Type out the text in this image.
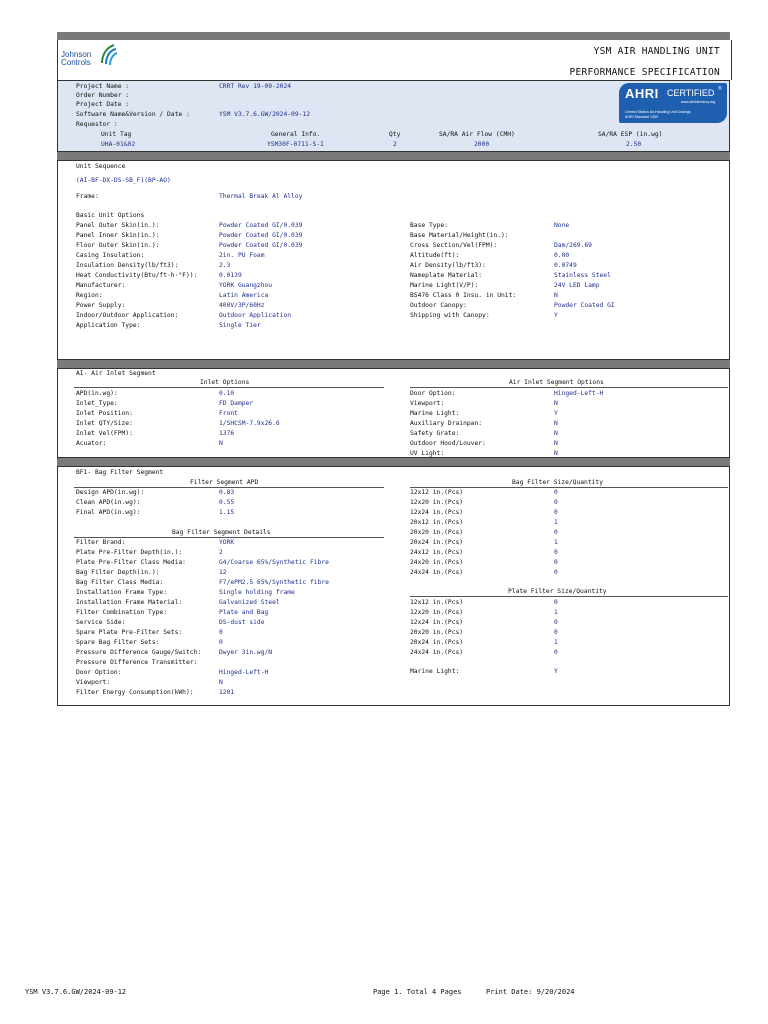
Johnson
Controls
YSM AIR HANDLING UNIT
PERFORMANCE SPECIFICATION
AHRI CERTIFIED ®
www.ahridirectory.org
Central Station Air-Handling Unit Casings
AHRI Standard 1350
Project Name :	CRRT Rev 19-09-2024
Order Number :
Project Date :
Software Name&Version / Date :	YSM V3.7.6.GW/2024-09-12
Requestor :
Unit Tag	General Info.	Qty	SA/RA Air Flow (CMH)	SA/RA ESP (in.wg)
UHA-01&02	YSM30F-0711-S-I	2	2000	2.50
Unit Sequence
(AI-BF-DX-DS-SB_F)(BP-AO)
Frame:	Thermal Break Al Alloy
Basic Unit Options
Panel Outer Skin(in.):	Powder Coated GI/0.039
Panel Inner Skin(in.):	Powder Coated GI/0.039
Floor Outer Skin(in.):	Powder Coated GI/0.039
Casing Insulation:	2in. PU Foam
Insulation Density(lb/ft3):	2.3
Heat Conductivity(Btu/ft·h·°F)):	0.0139
Manufacturer:	YORK Guangzhou
Region:	Latin America
Power Supply:	400V/3P/60Hz
Indoor/Outdoor Application:	Outdoor Application
Application Type:	Single Tier
Base Type:	None
Base Material/Height(in.):
Cross Section/Vel(FPM):	Dam/269.69
Altitude(ft):	0.00
Air Density(lb/ft3):	0.0749
Nameplate Material:	Stainless Steel
Marine Light(V/P):	24V LED Lamp
BS476 Class 0 Insu. in Unit:	N
Outdoor Canopy:	Powder Coated GI
Shipping with Canopy:	Y
AI- Air Inlet Segment
Inlet Options	Air Inlet Segment Options
APD(in.wg):	0.10
Inlet_Type:	FD Damper
Inlet Position:	Front
Inlet QTY/Size:	1/SHCSM-7.9x26.6
Inlet Vel(FPM):	1376
Acuator:	N
Door Option:	Hinged-Left-H
Viewport:	N
Marine Light:	Y
Auxiliary Drainpan:	N
Safety Grate:	N
Outdoor Hood/Louver:	N
UV Light:	N
BF1- Bag Filter Segment
Filter Segment APD	Bag Filter Size/Quantity
Design APD(in.wg):	0.83
Clean APD(in.wg):	0.55
Final APD(in.wg):	1.15
12x12 in.(Pcs)	0
12x20 in.(Pcs)	0
12x24 in.(Pcs)	0
20x12 in.(Pcs)	1
20x20 in.(Pcs)	0
20x24 in.(Pcs)	1
24x12 in.(Pcs)	0
24x20 in.(Pcs)	0
24x24 in.(Pcs)	0
Bag Filter Segment Details
Filter Brand:	YORK
Plate Pre-Filter Depth(in.):	2
Plate Pre-Filter Class Media:	G4/Coarse 65%/Synthetic Fibre
Bag Filter Depth(in.):	12
Bag Filter Class Media:	F7/ePM2.5 65%/Synthetic fibre
Installation Frame Type:	Single holding frame
Installation Frame Material:	Galvanized Steel
Filter Combination Type:	Plate and Bag
Service Side:	DS-dust side
Spare Plate Pre-Filter Sets:	0
Spare Bag Filter Sets:	0
Pressure Difference Gauge/Switch:	Dwyer 3in.wg/N
Pressure Difference Transmitter:
Door Option:	Hinged-Left-H
Viewport:	N
Filter Energy Consumption(kWh):	1201
Plate Filter Size/Quantity
12x12 in.(Pcs)	0
12x20 in.(Pcs)	1
12x24 in.(Pcs)	0
20x20 in.(Pcs)	0
20x24 in.(Pcs)	1
24x24 in.(Pcs)	0
Marine Light:	Y
YSM V3.7.6.GW/2024-09-12	Page 1. Total 4 Pages	Print Date: 9/20/2024
